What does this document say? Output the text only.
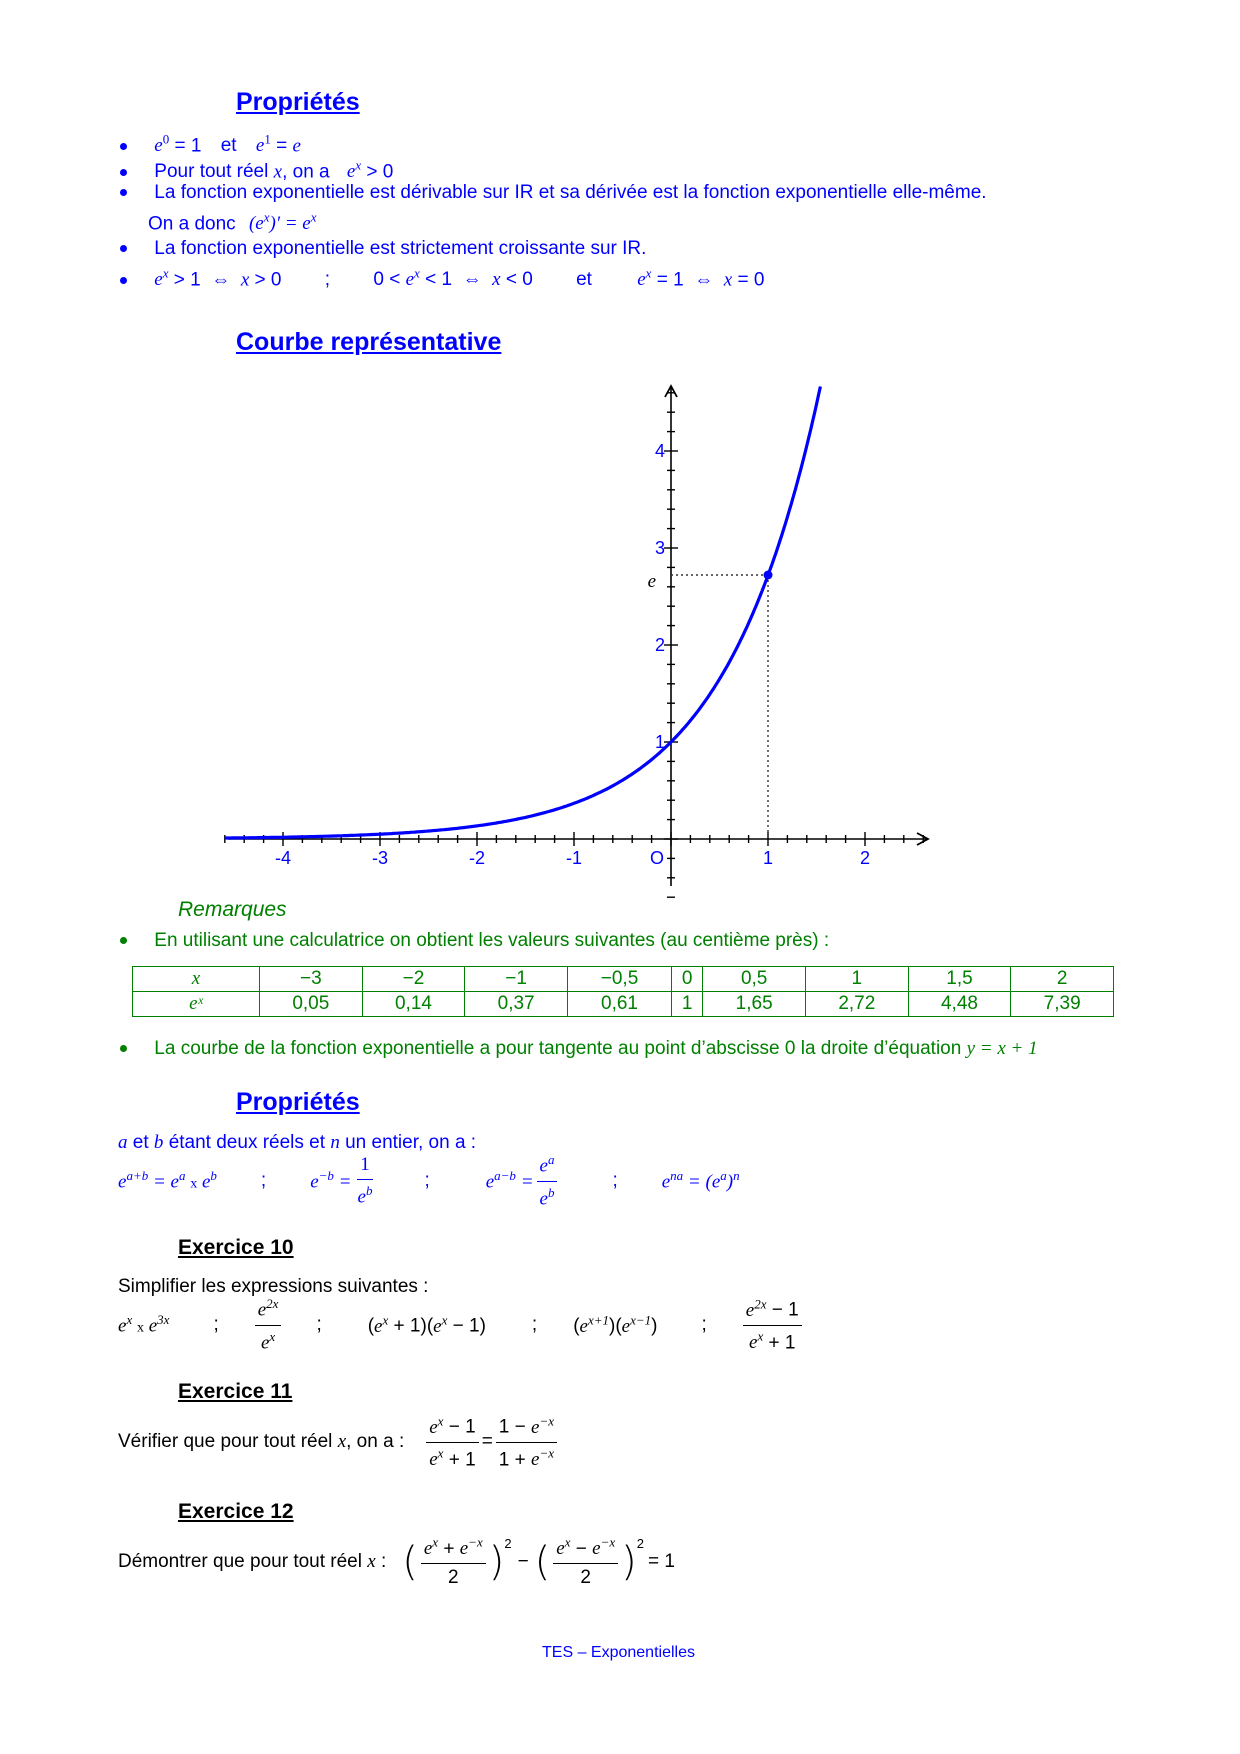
Propriétés
$e^0 = 1$ et $e^1 = e$
Pour tout réel x, on a $e^x > 0$
La fonction exponentielle est dérivable sur IR et sa dérivée est la fonction exponentielle elle-même.
On a donc $(e^x)' = e^x$
La fonction exponentielle est strictement croissante sur IR.
$e^x > 1$  ⇔  x > 0 ; $0 < e^x < 1$  ⇔  x < 0 et $e^x = 1$  ⇔  x = 0
Courbe représentative
-4	-3	-2	-1	O	1	2
1
2
3
4
e
Remarques
En utilisant une calculatrice on obtient les valeurs suivantes (au centième près) :
x	−3	−2	−1	−0,5	0	0,5	1	1,5	2
eˣ	0,05	0,14	0,37	0,61	1	1,65	2,72	4,48	7,39
La courbe de la fonction exponentielle a pour tangente au point d’abscisse 0 la droite d’équation y = x + 1
Propriétés
a et b étant deux réels et n un entier, on a :
$e^{a+b} = e^a$ x $e^b$ ; $e^{-b} = \frac{1}{e^b}$	;	$e^{a-b} = \frac{e^a}{e^b}$	; $e^{na} = (e^a)^n$
Exercice 10
Simplifier les expressions suivantes :
$e^x$ x $e^{3x}$ ; $\frac{e^{2x}}{e^x}$ ; $(e^x + 1)(e^x - 1)$ ; $(e^{x+1})(e^{x-1})$ ; $\frac{e^{2x} - 1}{e^x + 1}$
Exercice 11
Vérifier que pour tout réel
x , on a : $\frac{e^x - 1}{e^x + 1} = \frac{1 - e^{-x}}{1 + e^{-x}}$
Exercice 12
Démontrer que pour tout réel
x
: ( $\frac{e^x + e^{-x}}{2} )^2$
− ( $\frac{e^x - e^{-x}}{2} )^2$
= 1
TES – Exponentielles
